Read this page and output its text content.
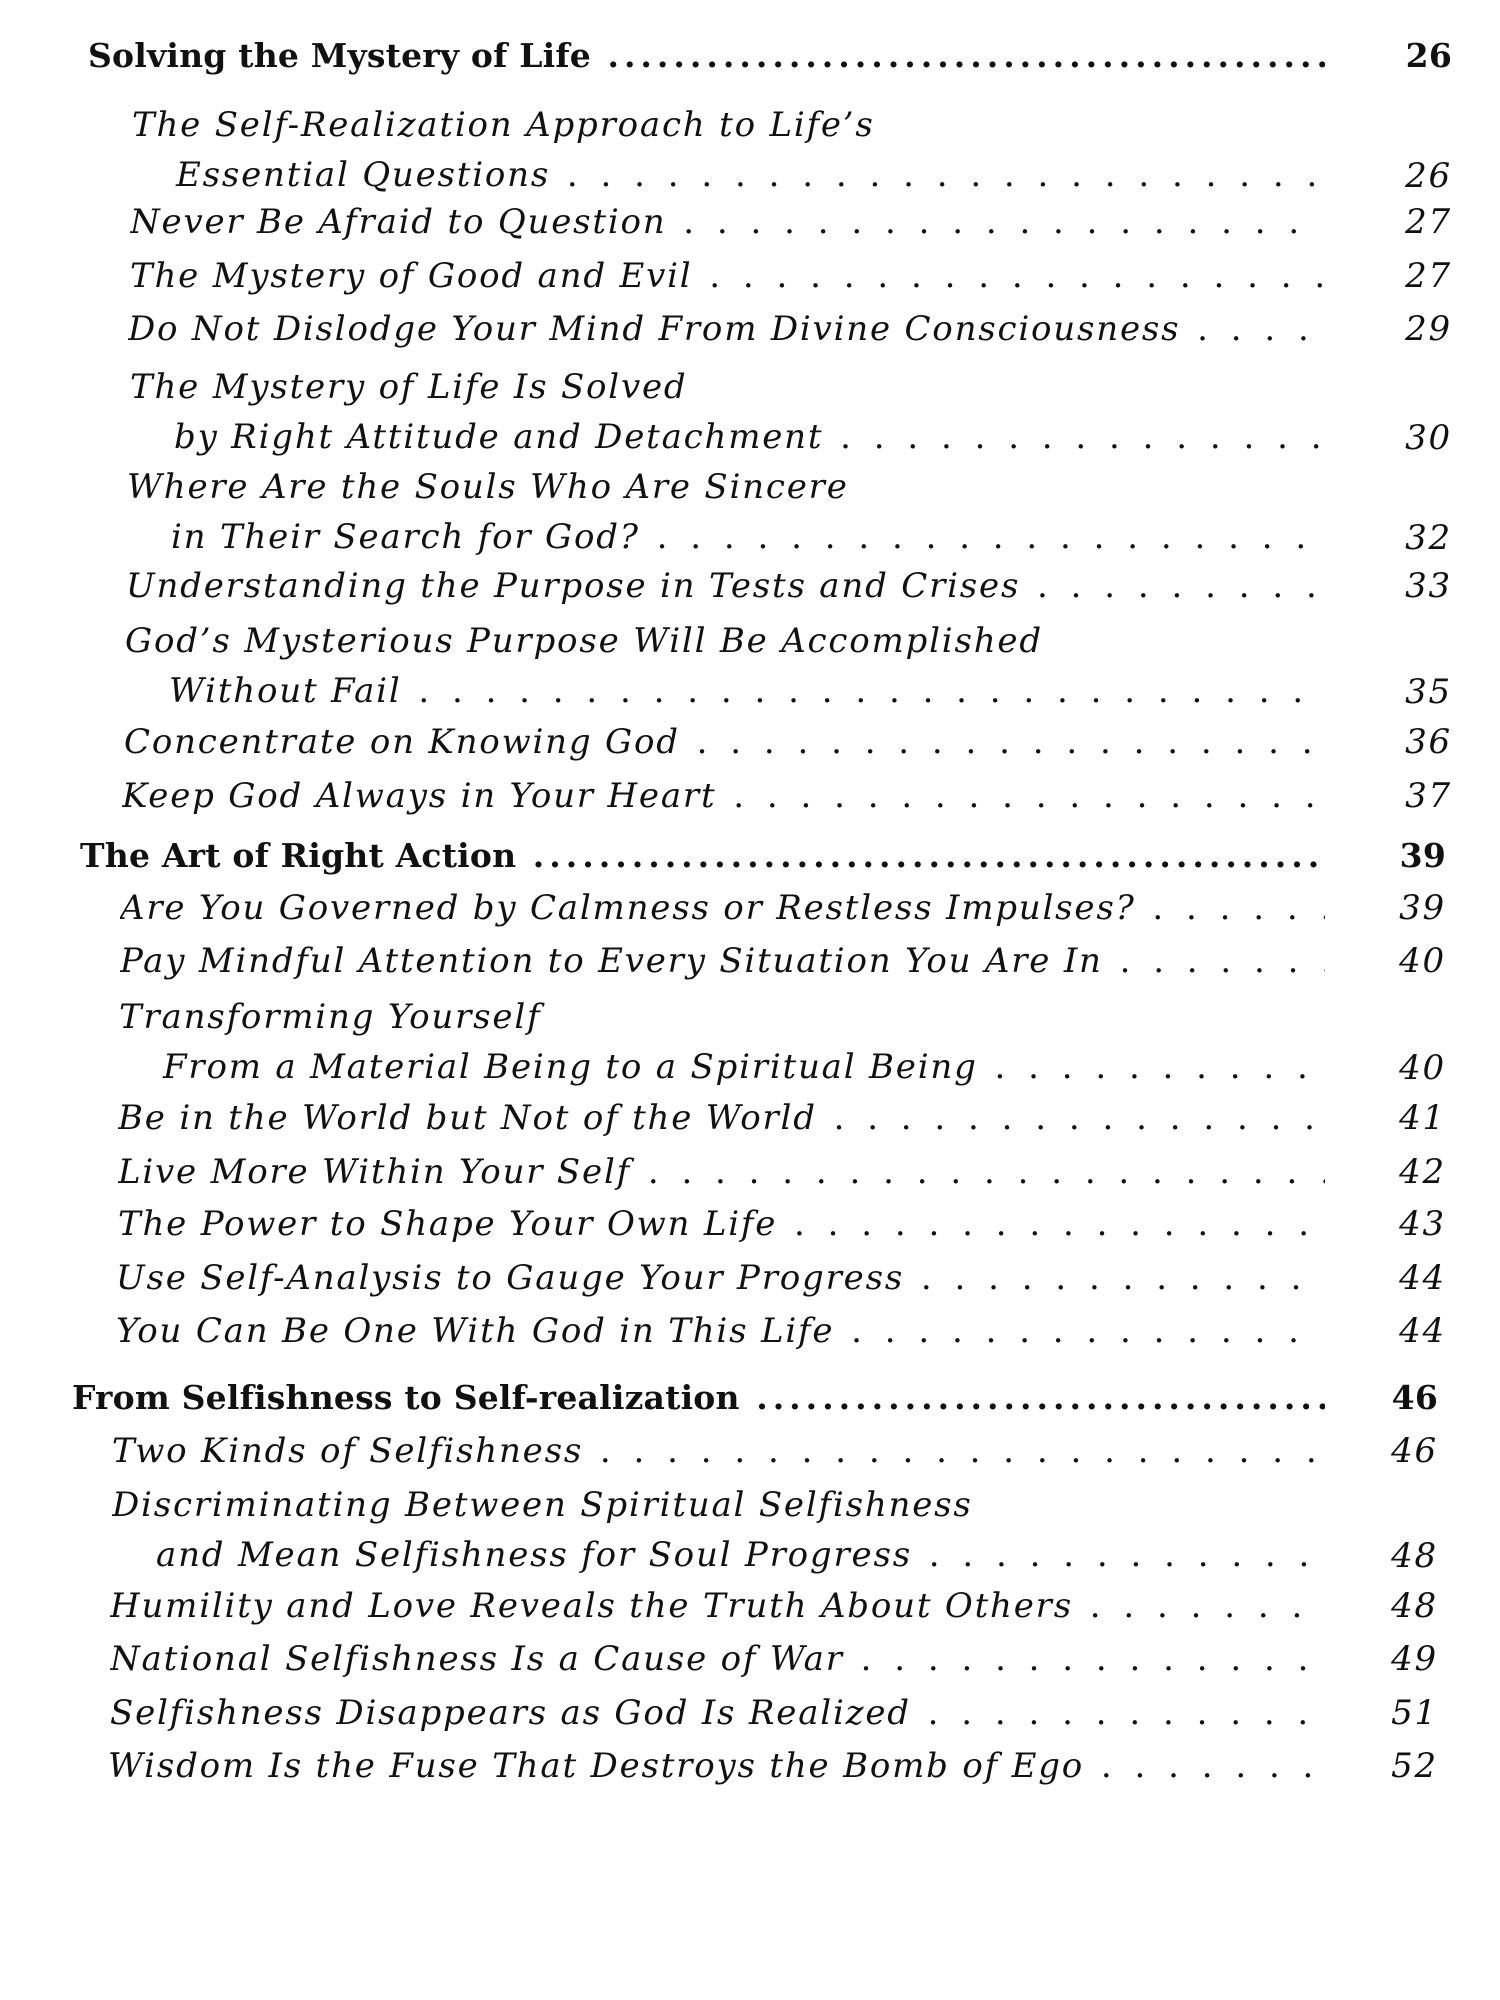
Solving the Mystery of Life .....	26
The Self-Realization Approach to Life’s
Essential Questions . . .	26
Never Be Afraid to Question . . .	27
The Mystery of Good and Evil . . .	27
Do Not Dislodge Your Mind From Divine Consciousness . . .	29
The Mystery of Life Is Solved
by Right Attitude and Detachment . . .	30
Where Are the Souls Who Are Sincere
in Their Search for God? . . .	32
Understanding the Purpose in Tests and Crises . . .	33
God’s Mysterious Purpose Will Be Accomplished
Without Fail . . .	35
Concentrate on Knowing God . . .	36
Keep God Always in Your Heart . . .	37
The Art of Right Action .....	39
Are You Governed by Calmness or Restless Impulses? . . .	39
Pay Mindful Attention to Every Situation You Are In . . .	40
Transforming Yourself
From a Material Being to a Spiritual Being . . .	40
Be in the World but Not of the World . . .	41
Live More Within Your Self . . .	42
The Power to Shape Your Own Life . . .	43
Use Self-Analysis to Gauge Your Progress . . .	44
You Can Be One With God in This Life . . .	44
From Selfishness to Self-realization .....	46
Two Kinds of Selfishness . . .	46
Discriminating Between Spiritual Selfishness
and Mean Selfishness for Soul Progress . . .	48
Humility and Love Reveals the Truth About Others . . .	48
National Selfishness Is a Cause of War . . .	49
Selfishness Disappears as God Is Realized . . .	51
Wisdom Is the Fuse That Destroys the Bomb of Ego . . .	52
